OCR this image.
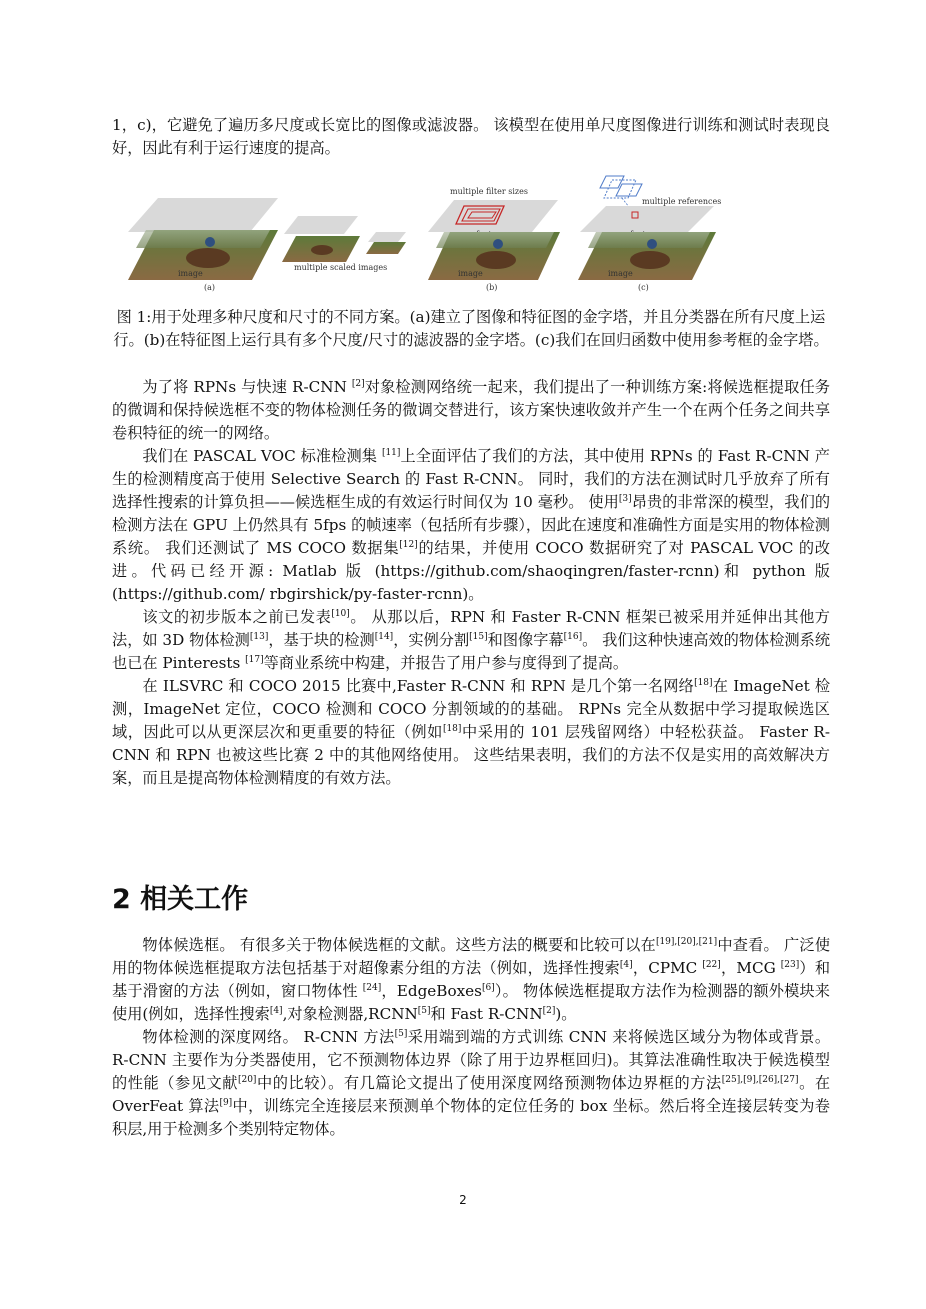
1，c)，它避免了遍历多尺度或长宽比的图像或滤波器。 该模型在使用单尺度图像进行训练和测试时表现良好，因此有利于运行速度的提高。

image
multiple scaled images
(a)
multiple filter sizes
image
(b)
multiple references
image
(c)

图 1:用于处理多种尺度和尺寸的不同方案。(a)建立了图像和特征图的金字塔，并且分类器在所有尺度上运行。(b)在特征图上运行具有多个尺度/尺寸的滤波器的金字塔。(c)我们在回归函数中使用参考框的金字塔。

为了将 RPNs 与快速 R-CNN [2]对象检测网络统一起来，我们提出了一种训练方案:将候选框提取任务的微调和保持候选框不变的物体检测任务的微调交替进行，该方案快速收敛并产生一个在两个任务之间共享卷积特征的统一的网络。

我们在 PASCAL VOC 标准检测集 [11]上全面评估了我们的方法，其中使用 RPNs 的 Fast R-CNN 产生的检测精度高于使用 Selective Search 的 Fast R-CNN。 同时，我们的方法在测试时几乎放弃了所有选择性搜索的计算负担——候选框生成的有效运行时间仅为 10 毫秒。 使用[3]昂贵的非常深的模型，我们的检测方法在 GPU 上仍然具有 5fps 的帧速率（包括所有步骤），因此在速度和准确性方面是实用的物体检测系统。 我们还测试了 MS COCO 数据集[12]的结果，并使用 COCO 数据研究了对 PASCAL VOC 的改进。代码已经开源: Matlab 版 (https://github.com/shaoqingren/faster-rcnn)和 python 版 (https://github.com/ rbgirshick/py-faster-rcnn)。

该文的初步版本之前已发表[10]。 从那以后，RPN 和 Faster R-CNN 框架已被采用并延伸出其他方法，如 3D 物体检测[13]，基于块的检测[14]，实例分割[15]和图像字幕[16]。 我们这种快速高效的物体检测系统也已在 Pinterests [17]等商业系统中构建，并报告了用户参与度得到了提高。

在 ILSVRC 和 COCO 2015 比赛中,Faster R-CNN 和 RPN 是几个第一名网络[18]在 ImageNet 检测，ImageNet 定位，COCO 检测和 COCO 分割领域的的基础。 RPNs 完全从数据中学习提取候选区域，因此可以从更深层次和更重要的特征（例如[18]中采用的 101 层残留网络）中轻松获益。 Faster R-CNN 和 RPN 也被这些比赛 2 中的其他网络使用。 这些结果表明，我们的方法不仅是实用的高效解决方案，而且是提高物体检测精度的有效方法。

2 相关工作

物体候选框。 有很多关于物体候选框的文献。这些方法的概要和比较可以在[19],[20],[21]中查看。 广泛使用的物体候选框提取方法包括基于对超像素分组的方法（例如，选择性搜索[4]，CPMC [22]，MCG [23]）和基于滑窗的方法（例如，窗口物体性 [24]，EdgeBoxes[6]）。 物体候选框提取方法作为检测器的额外模块来使用(例如，选择性搜索[4],对象检测器,RCNN[5]和 Fast R-CNN[2])。

物体检测的深度网络。 R-CNN 方法[5]采用端到端的方式训练 CNN 来将候选区域分为物体或背景。 R-CNN 主要作为分类器使用，它不预测物体边界（除了用于边界框回归)。其算法准确性取决于候选模型的性能（参见文献[20]中的比较）。有几篇论文提出了使用深度网络预测物体边界框的方法[25],[9],[26],[27]。在 OverFeat 算法[9]中，训练完全连接层来预测单个物体的定位任务的 box 坐标。然后将全连接层转变为卷积层,用于检测多个类别特定物体。

2
